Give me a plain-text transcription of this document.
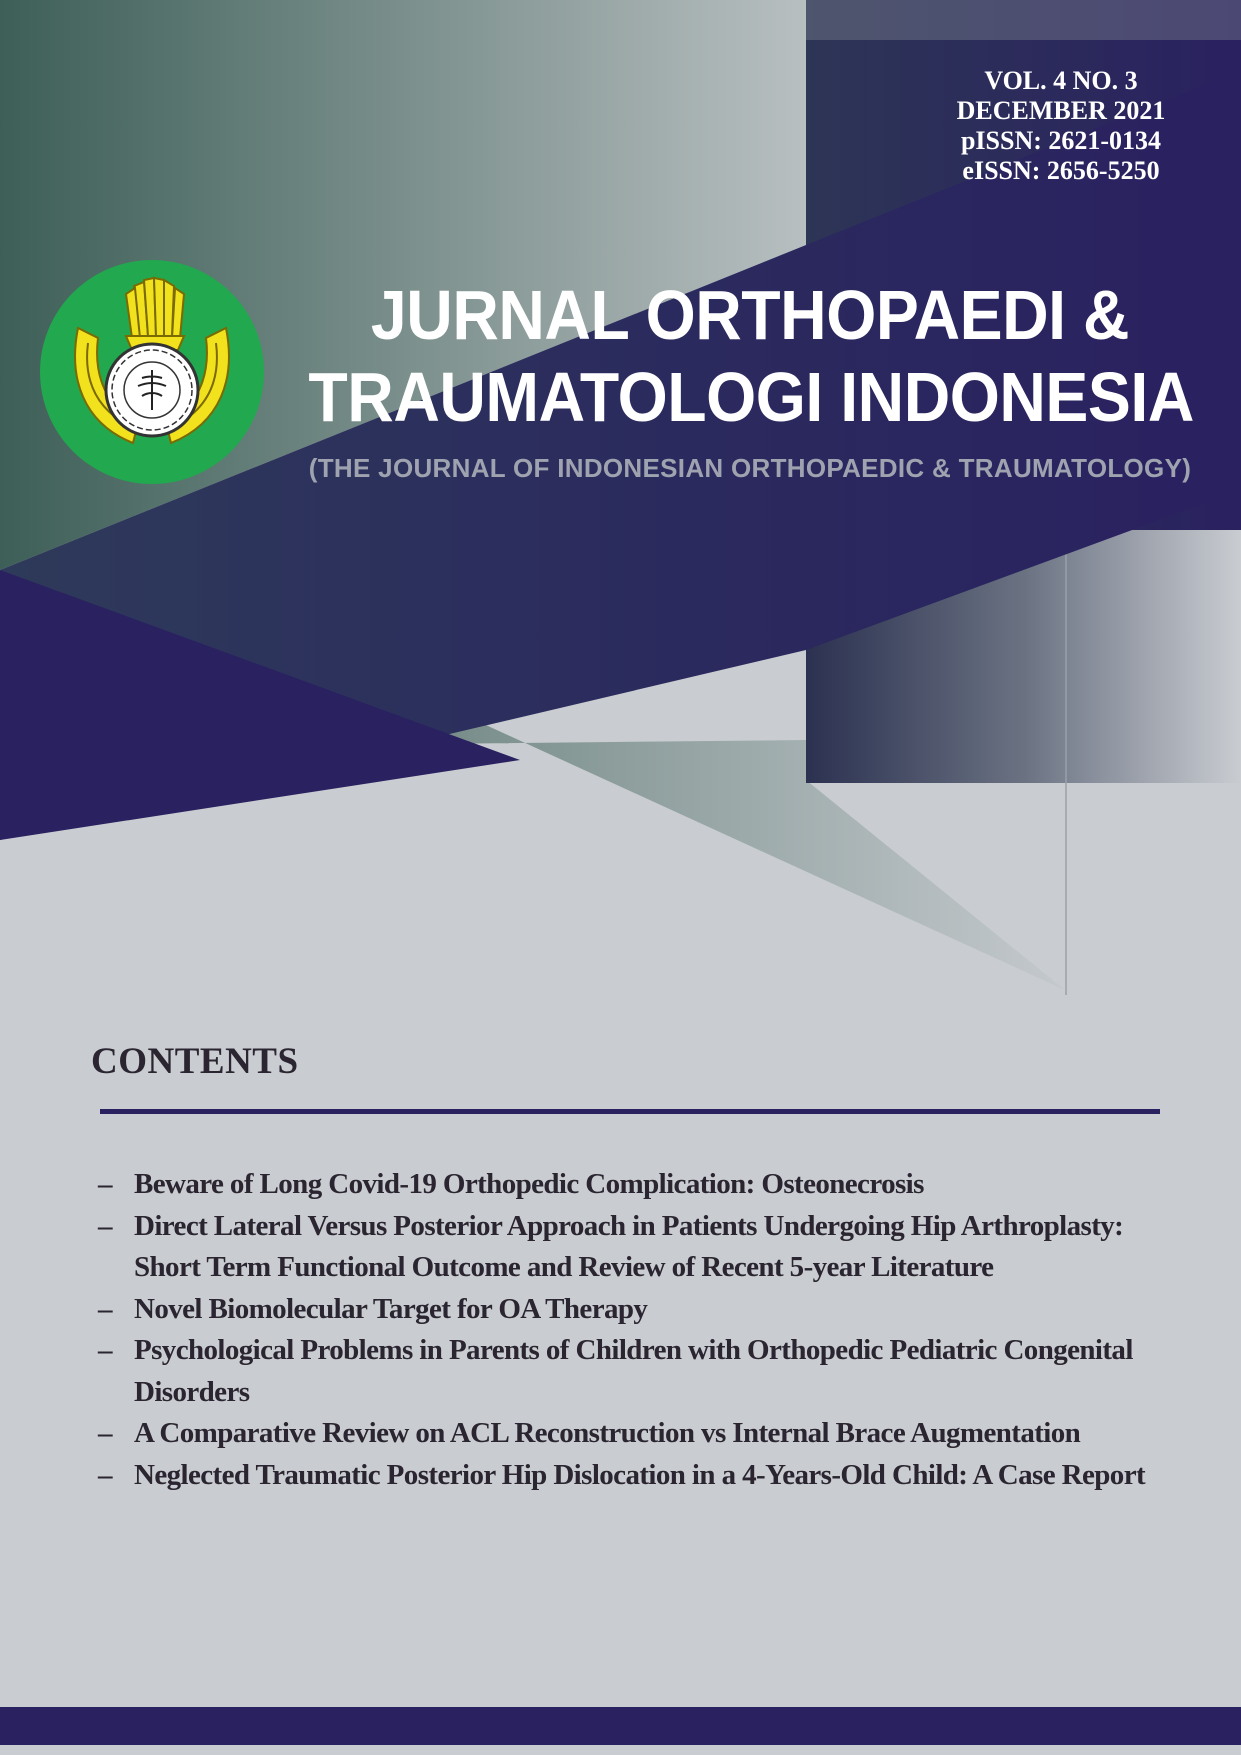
VOL. 4 NO. 3
DECEMBER 2021
pISSN: 2621-0134
eISSN: 2656-5250
JURNAL ORTHOPAEDI &
TRAUMATOLOGI INDONESIA
(THE JOURNAL OF INDONESIAN ORTHOPAEDIC & TRAUMATOLOGY)
CONTENTS
– Beware of Long Covid-19 Orthopedic Complication: Osteonecrosis
– Direct Lateral Versus Posterior Approach in Patients Undergoing Hip Arthroplasty: Short Term Functional Outcome and Review of Recent 5-year Literature
– Novel Biomolecular Target for OA Therapy
– Psychological Problems in Parents of Children with Orthopedic Pediatric Congenital Disorders
– A Comparative Review on ACL Reconstruction vs Internal Brace Augmentation
– Neglected Traumatic Posterior Hip Dislocation in a 4-Years-Old Child: A Case Report
